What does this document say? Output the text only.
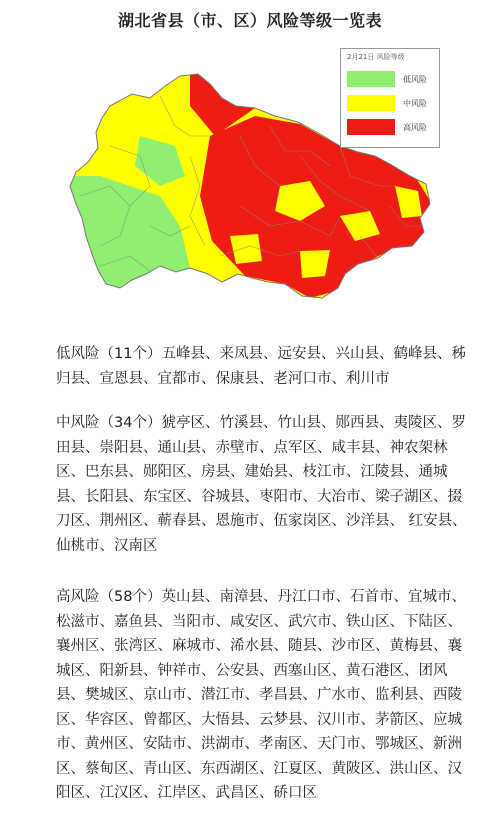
湖北省县（市、区）风险等级一览表
2月21日 风险等级
低风险
中风险
高风险
低风险（11个）五峰县、来凤县、远安县、兴山县、鹤峰县、秭归县、宣恩县、宜都市、保康县、老河口市、利川市
中风险（34个）猇亭区、竹溪县、竹山县、郧西县、夷陵区、罗田县、崇阳县、通山县、赤壁市、点军区、咸丰县、神农架林区、巴东县、郧阳区、房县、建始县、枝江市、江陵县、通城县、长阳县、东宝区、谷城县、枣阳市、大冶市、梁子湖区、掇刀区、荆州区、蕲春县、恩施市、伍家岗区、沙洋县、 红安县、仙桃市、汉南区
高风险（58个）英山县、南漳县、丹江口市、石首市、宜城市、松滋市、嘉鱼县、当阳市、咸安区、武穴市、铁山区、下陆区、襄州区、张湾区、麻城市、浠水县、随县、沙市区、黄梅县、襄城区、阳新县、钟祥市、公安县、西塞山区、黄石港区、团风县、樊城区、京山市、潜江市、孝昌县、广水市、监利县、西陵区、华容区、曾都区、大悟县、云梦县、汉川市、茅箭区、应城市、黄州区、安陆市、洪湖市、孝南区、天门市、鄂城区、新洲区、蔡甸区、青山区、东西湖区、江夏区、黄陂区、洪山区、汉阳区、江汉区、江岸区、武昌区、硚口区
